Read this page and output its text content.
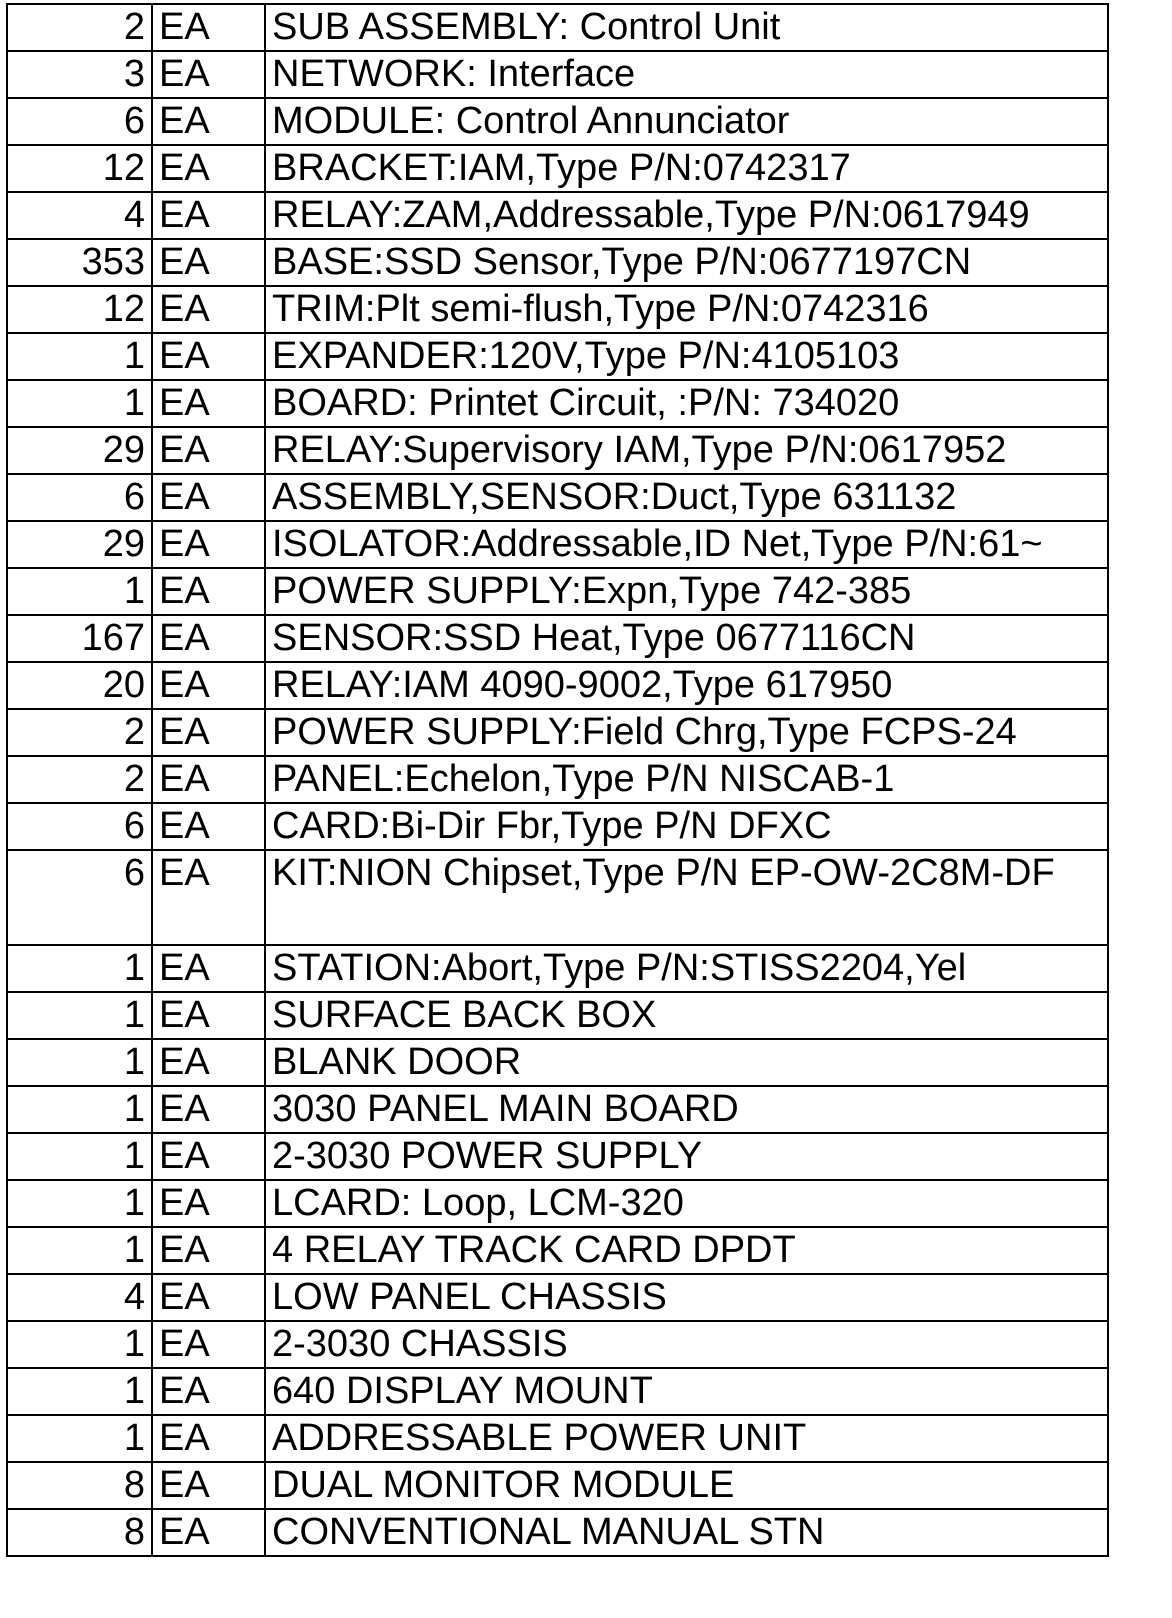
2	EA	SUB ASSEMBLY: Control Unit
3	EA	NETWORK: Interface
6	EA	MODULE: Control Annunciator
12	EA	BRACKET:IAM,Type P/N:0742317
4	EA	RELAY:ZAM,Addressable,Type P/N:0617949
353	EA	BASE:SSD Sensor,Type P/N:0677197CN
12	EA	TRIM:Plt semi-flush,Type P/N:0742316
1	EA	EXPANDER:120V,Type P/N:4105103
1	EA	BOARD: Printet Circuit, :P/N: 734020
29	EA	RELAY:Supervisory IAM,Type P/N:0617952
6	EA	ASSEMBLY,SENSOR:Duct,Type 631132
29	EA	ISOLATOR:Addressable,ID Net,Type P/N:61~
1	EA	POWER SUPPLY:Expn,Type 742-385
167	EA	SENSOR:SSD Heat,Type 0677116CN
20	EA	RELAY:IAM 4090-9002,Type 617950
2	EA	POWER SUPPLY:Field Chrg,Type FCPS-24
2	EA	PANEL:Echelon,Type P/N NISCAB-1
6	EA	CARD:Bi-Dir Fbr,Type P/N DFXC
6	EA	KIT:NION Chipset,Type P/N EP-OW-2C8M-DF
1	EA	STATION:Abort,Type P/N:STISS2204,Yel
1	EA	SURFACE BACK BOX
1	EA	BLANK DOOR
1	EA	3030 PANEL MAIN BOARD
1	EA	2-3030 POWER SUPPLY
1	EA	LCARD: Loop, LCM-320
1	EA	4 RELAY TRACK CARD DPDT
4	EA	LOW PANEL CHASSIS
1	EA	2-3030 CHASSIS
1	EA	640 DISPLAY MOUNT
1	EA	ADDRESSABLE POWER UNIT
8	EA	DUAL MONITOR MODULE
8	EA	CONVENTIONAL MANUAL STN
